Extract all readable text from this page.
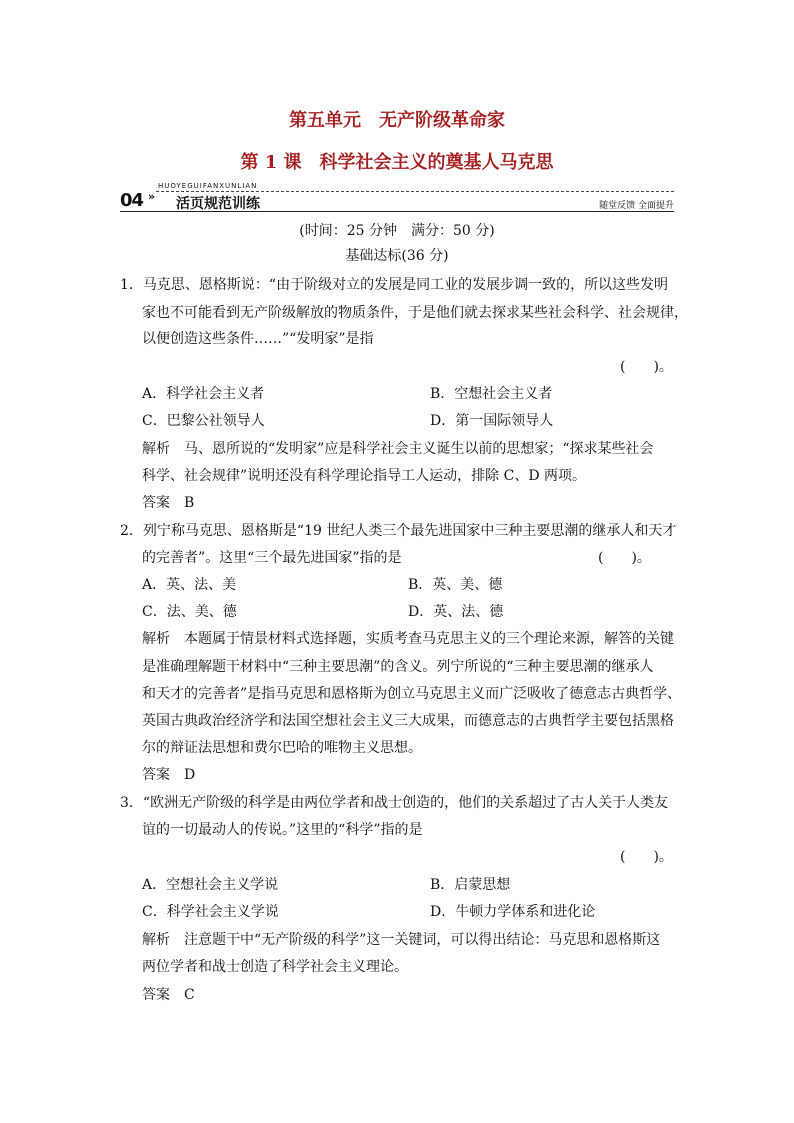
第五单元　无产阶级革命家
第 1 课　科学社会主义的奠基人马克思
04 »
HUOYEGUIFANXUNLIAN
活页规范训练	随堂反馈 全面提升
(时间：25 分钟　满分：50 分)
基础达标(36 分)
1．马克思、恩格斯说：“由于阶级对立的发展是同工业的发展步调一致的，所以这些发明
家也不可能看到无产阶级解放的物质条件，于是他们就去探求某些社会科学、社会规律，
以便创造这些条件……”“发明家”是指
(　　)。
A．科学社会主义者	B．空想社会主义者
C．巴黎公社领导人	D．第一国际领导人
解析　马、恩所说的“发明家”应是科学社会主义诞生以前的思想家；“探求某些社会
科学、社会规律”说明还没有科学理论指导工人运动，排除 C、D 两项。
答案　B
2．列宁称马克思、恩格斯是“19 世纪人类三个最先进国家中三种主要思潮的继承人和天才
的完善者”。这里“三个最先进国家”指的是	(　　)。
A．英、法、美	B．英、美、德
C．法、美、德	D．英、法、德
解析　本题属于情景材料式选择题，实质考查马克思主义的三个理论来源，解答的关键
是准确理解题干材料中“三种主要思潮”的含义。列宁所说的“三种主要思潮的继承人
和天才的完善者”是指马克思和恩格斯为创立马克思主义而广泛吸收了德意志古典哲学、
英国古典政治经济学和法国空想社会主义三大成果，而德意志的古典哲学主要包括黑格
尔的辩证法思想和费尔巴哈的唯物主义思想。
答案　D
3．“欧洲无产阶级的科学是由两位学者和战士创造的，他们的关系超过了古人关于人类友
谊的一切最动人的传说。”这里的“科学”指的是
(　　)。
A．空想社会主义学说	B．启蒙思想
C．科学社会主义学说	D．牛顿力学体系和进化论
解析　注意题干中“无产阶级的科学”这一关键词，可以得出结论：马克思和恩格斯这
两位学者和战士创造了科学社会主义理论。
答案　C
